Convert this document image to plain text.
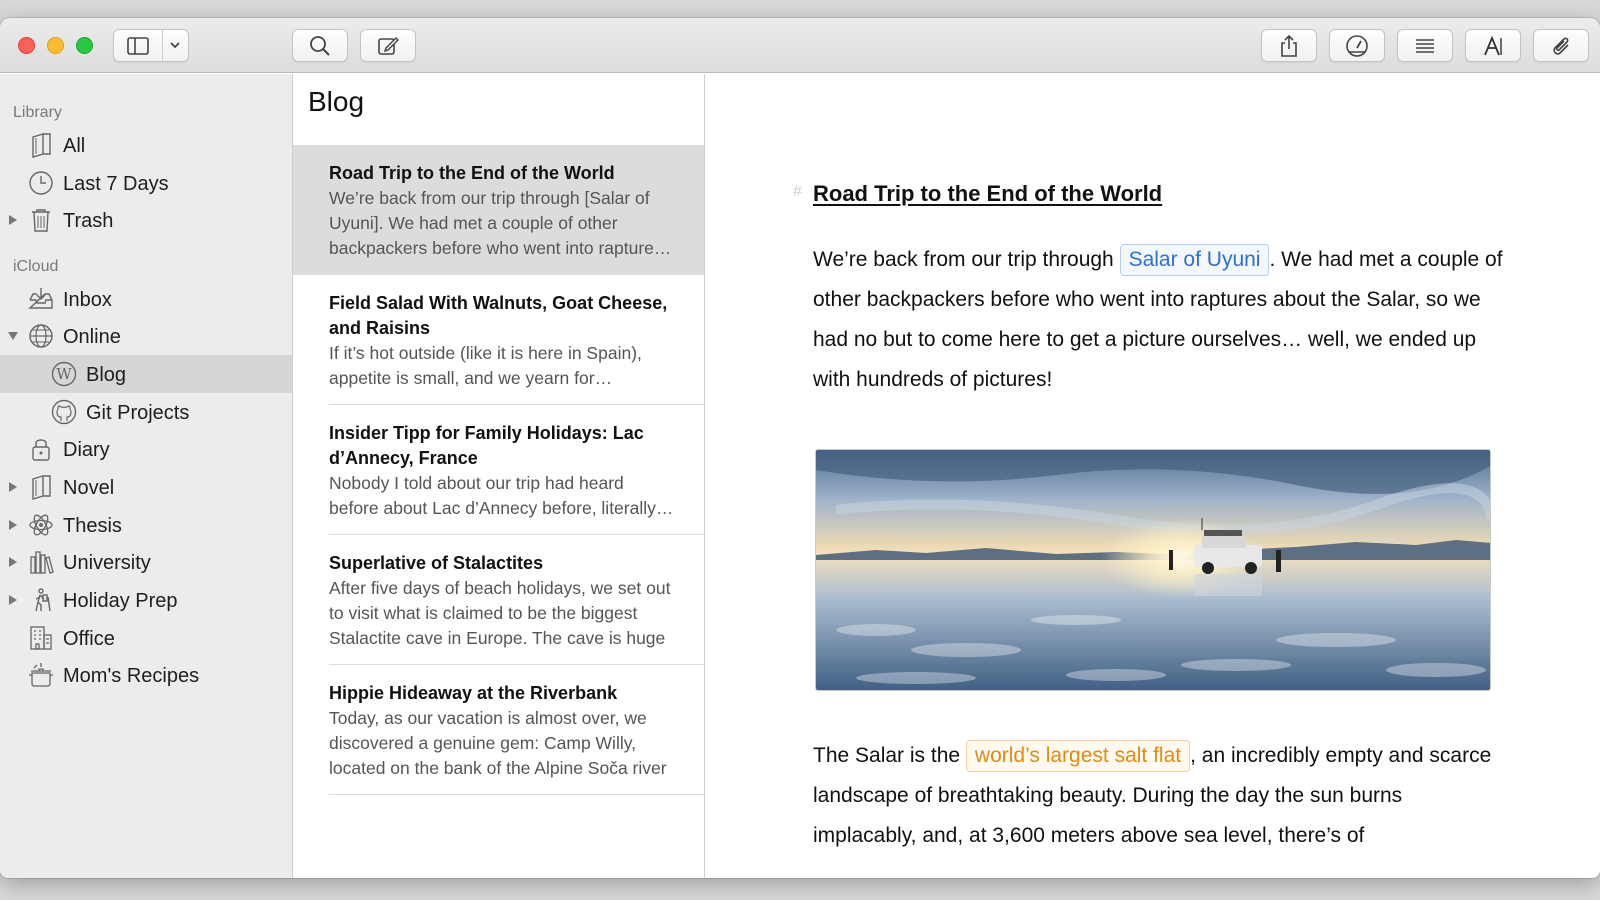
Library
All
Last 7 Days
Trash
iCloud
Inbox
Online
W Blog
Git Projects
Diary
Novel
Thesis
University
Holiday Prep
Office
Mom's Recipes
Blog
Road Trip to the End of the World
We’re back from our trip through [Salar of Uyuni]. We had met a couple of other backpackers before who went into raptures
Field Salad With Walnuts, Goat Cheese, and Raisins
If it’s hot outside (like it is here in Spain), appetite is small, and we yearn for
Insider Tipp for Family Holidays: Lac d’Annecy, France
Nobody I told about our trip had heard before about Lac d’Annecy before, literally
Superlative of Stalactites
After five days of beach holidays, we set out to visit what is claimed to be the biggest Stalactite cave in Europe. The cave is huge
Hippie Hideaway at the Riverbank
Today, as our vacation is almost over, we discovered a genuine gem: Camp Willy, located on the bank of the Alpine Soča river
# Road Trip to the End of the World
We’re back from our trip through Salar of Uyuni . We had met a couple of other backpackers before who went into raptures about the Salar, so we had no but to come here to get a picture ourselves… well, we ended up with hundreds of pictures!
The Salar is the world’s largest salt flat , an incredibly empty and scarce landscape of breathtaking beauty. During the day the sun burns implacably, and, at 3,600 meters above sea level, there’s of
